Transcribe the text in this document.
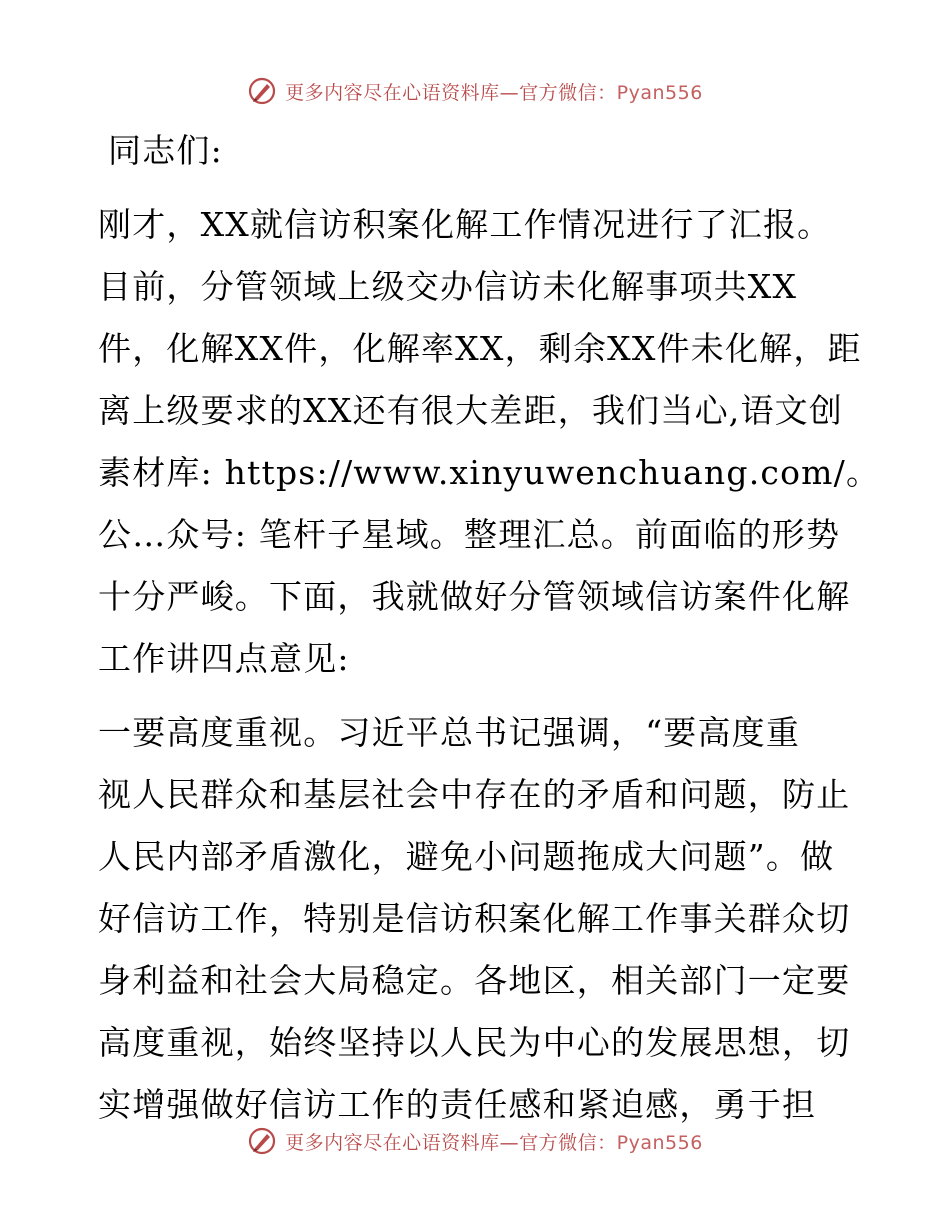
更多内容尽在心语资料库—官方微信：Pyan556
同志们:
刚才，XX就信访积案化解工作情况进行了汇报。
目前，分管领域上级交办信访未化解事项共XX
件，化解XX件，化解率XX，剩余XX件未化解，距
离上级要求的XX还有很大差距，我们当心,语文创
素材库: https://www.xinyuwenchuang.com/。
公…众号: 笔杆子星域。整理汇总。前面临的形势
十分严峻。下面，我就做好分管领域信访案件化解
工作讲四点意见:
一要高度重视。习近平总书记强调，“要高度重
视人民群众和基层社会中存在的矛盾和问题，防止
人民内部矛盾激化，避免小问题拖成大问题”。做
好信访工作，特别是信访积案化解工作事关群众切
身利益和社会大局稳定。各地区，相关部门一定要
高度重视，始终坚持以人民为中心的发展思想，切
实增强做好信访工作的责任感和紧迫感，勇于担
更多内容尽在心语资料库—官方微信：Pyan556
